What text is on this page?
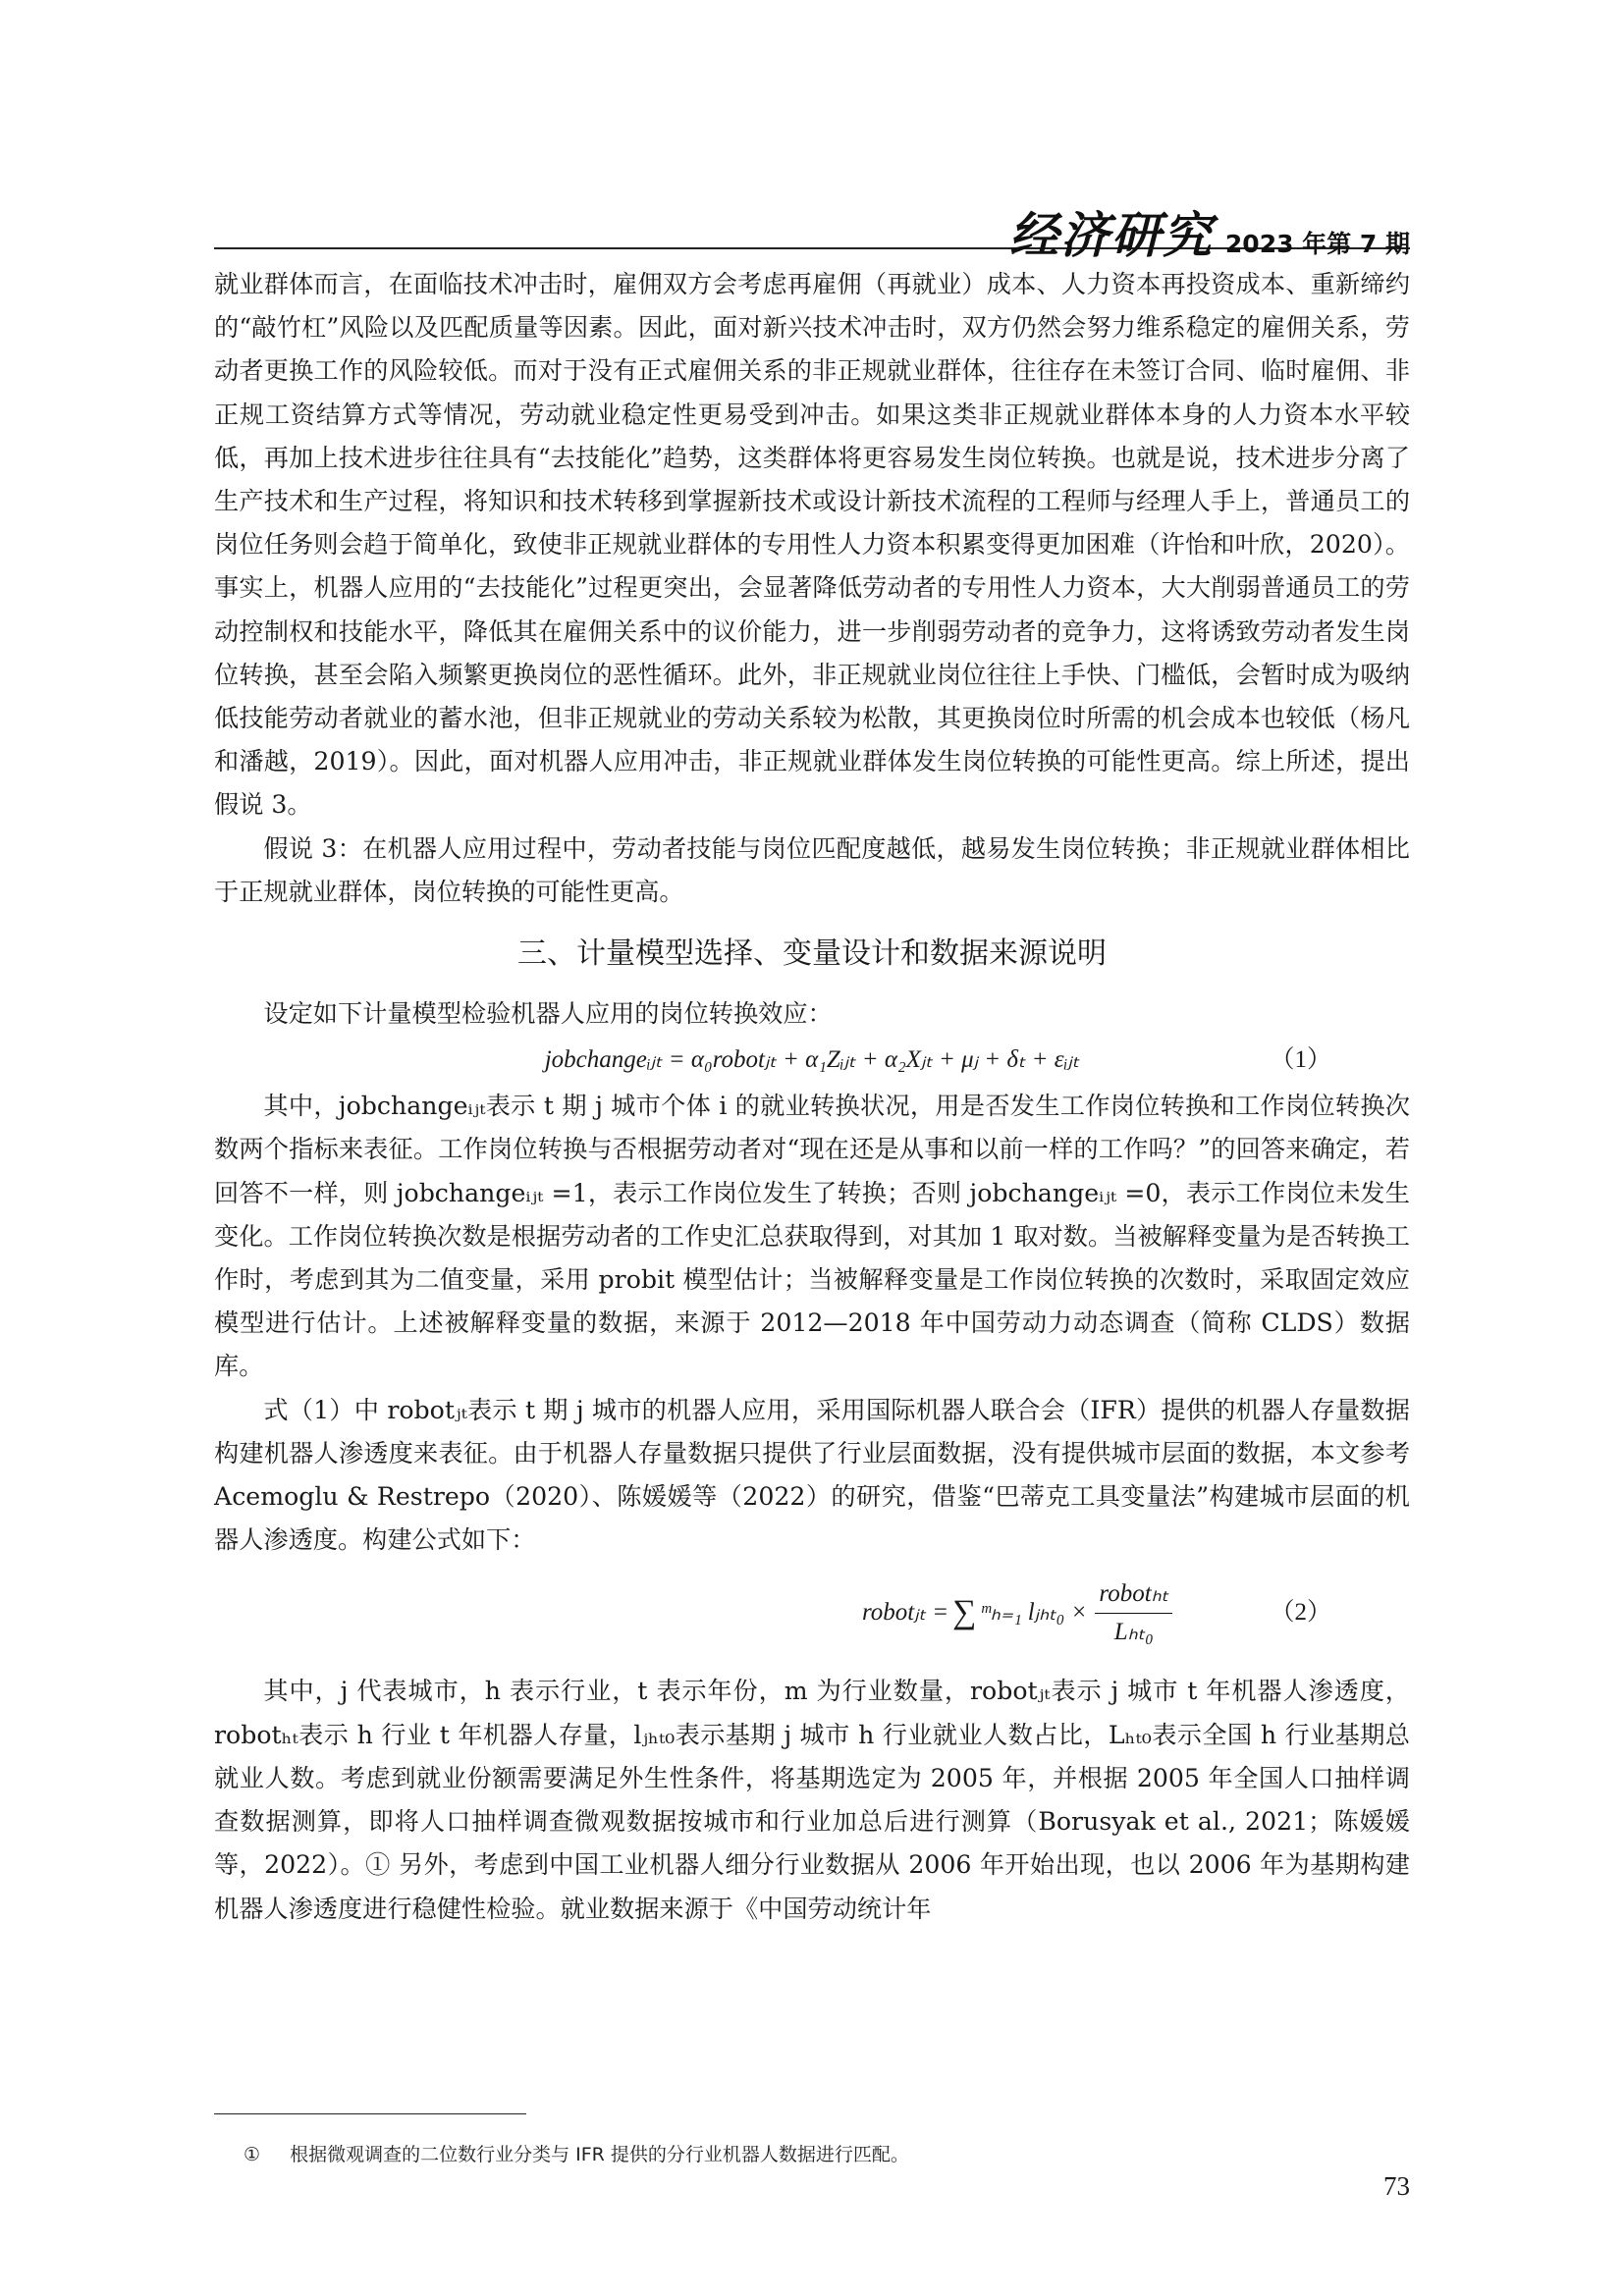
经济研究 2023 年第 7 期

就业群体而言，在面临技术冲击时，雇佣双方会考虑再雇佣（再就业）成本、人力资本再投资成本、重新缔约的“敲竹杠”风险以及匹配质量等因素。因此，面对新兴技术冲击时，双方仍然会努力维系稳定的雇佣关系，劳动者更换工作的风险较低。而对于没有正式雇佣关系的非正规就业群体，往往存在未签订合同、临时雇佣、非正规工资结算方式等情况，劳动就业稳定性更易受到冲击。如果这类非正规就业群体本身的人力资本水平较低，再加上技术进步往往具有“去技能化”趋势，这类群体将更容易发生岗位转换。也就是说，技术进步分离了生产技术和生产过程，将知识和技术转移到掌握新技术或设计新技术流程的工程师与经理人手上，普通员工的岗位任务则会趋于简单化，致使非正规就业群体的专用性人力资本积累变得更加困难（许怡和叶欣，2020）。事实上，机器人应用的“去技能化”过程更突出，会显著降低劳动者的专用性人力资本，大大削弱普通员工的劳动控制权和技能水平，降低其在雇佣关系中的议价能力，进一步削弱劳动者的竞争力，这将诱致劳动者发生岗位转换，甚至会陷入频繁更换岗位的恶性循环。此外，非正规就业岗位往往上手快、门槛低，会暂时成为吸纳低技能劳动者就业的蓄水池，但非正规就业的劳动关系较为松散，其更换岗位时所需的机会成本也较低（杨凡和潘越，2019）。因此，面对机器人应用冲击，非正规就业群体发生岗位转换的可能性更高。综上所述，提出假说 3。

假说 3：在机器人应用过程中，劳动者技能与岗位匹配度越低，越易发生岗位转换；非正规就业群体相比于正规就业群体，岗位转换的可能性更高。

三、计量模型选择、变量设计和数据来源说明

设定如下计量模型检验机器人应用的岗位转换效应：

jobchangeᵢⱼₜ = α₀robotⱼₜ + α₁Zᵢⱼₜ + α₂Xⱼₜ + μⱼ + δₜ + εᵢⱼₜ	（1）

其中，jobchangeᵢⱼₜ表示 t 期 j 城市个体 i 的就业转换状况，用是否发生工作岗位转换和工作岗位转换次数两个指标来表征。工作岗位转换与否根据劳动者对“现在还是从事和以前一样的工作吗？”的回答来确定，若回答不一样，则 jobchangeᵢⱼₜ =1，表示工作岗位发生了转换；否则 jobchangeᵢⱼₜ =0，表示工作岗位未发生变化。工作岗位转换次数是根据劳动者的工作史汇总获取得到，对其加 1 取对数。当被解释变量为是否转换工作时，考虑到其为二值变量，采用 probit 模型估计；当被解释变量是工作岗位转换的次数时，采取固定效应模型进行估计。上述被解释变量的数据，来源于 2012—2018 年中国劳动力动态调查（简称 CLDS）数据库。

式（1）中 robotⱼₜ表示 t 期 j 城市的机器人应用，采用国际机器人联合会（IFR）提供的机器人存量数据构建机器人渗透度来表征。由于机器人存量数据只提供了行业层面数据，没有提供城市层面的数据，本文参考 Acemoglu & Restrepo（2020）、陈媛媛等（2022）的研究，借鉴“巴蒂克工具变量法”构建城市层面的机器人渗透度。构建公式如下：

robotⱼₜ = ∑ ᵐₕ₌₁ lⱼₕₜ₀ × $\frac{\text{robotₕₜ}}{\text{Lₕₜ₀}}$	（2）

其中，j 代表城市，h 表示行业，t 表示年份，m 为行业数量，robotⱼₜ表示 j 城市 t 年机器人渗透度，robotₕₜ表示 h 行业 t 年机器人存量，lⱼₕₜ₀表示基期 j 城市 h 行业就业人数占比，Lₕₜ₀表示全国 h 行业基期总就业人数。考虑到就业份额需要满足外生性条件，将基期选定为 2005 年，并根据 2005 年全国人口抽样调查数据测算，即将人口抽样调查微观数据按城市和行业加总后进行测算（Borusyak et al., 2021；陈媛媛等，2022）。① 另外，考虑到中国工业机器人细分行业数据从 2006 年开始出现，也以 2006 年为基期构建机器人渗透度进行稳健性检验。就业数据来源于《中国劳动统计年

① 根据微观调查的二位数行业分类与 IFR 提供的分行业机器人数据进行匹配。
73
